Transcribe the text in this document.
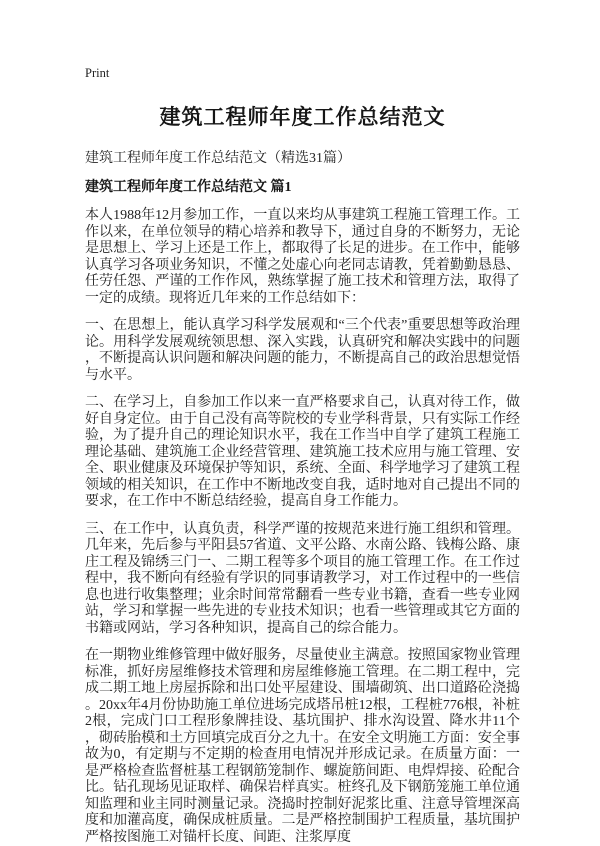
Print
建筑工程师年度工作总结范文

建筑工程师年度工作总结范文（精选31篇）

建筑工程师年度工作总结范文 篇1

本人1988年12月参加工作，一直以来均从事建筑工程施工管理工作。工作以来，在单位领导的精心培养和教导下，通过自身的不断努力，无论是思想上、学习上还是工作上，都取得了长足的进步。在工作中，能够认真学习各项业务知识，不懂之处虚心向老同志请教，凭着勤勤恳恳、任劳任怨、严谨的工作作风，熟练掌握了施工技术和管理方法，取得了一定的成绩。现将近几年来的工作总结如下：

一、在思想上，能认真学习科学发展观和“三个代表”重要思想等政治理论。用科学发展观统领思想、深入实践，认真研究和解决实践中的问题，不断提高认识问题和解决问题的能力，不断提高自己的政治思想觉悟与水平。

二、在学习上，自参加工作以来一直严格要求自己，认真对待工作，做好自身定位。由于自己没有高等院校的专业学科背景，只有实际工作经验，为了提升自己的理论知识水平，我在工作当中自学了建筑工程施工理论基础、建筑施工企业经营管理、建筑施工技术应用与施工管理、安全、职业健康及环境保护等知识，系统、全面、科学地学习了建筑工程领域的相关知识，在工作中不断地改变自我，适时地对自己提出不同的要求，在工作中不断总结经验，提高自身工作能力。

三、在工作中，认真负责，科学严谨的按规范来进行施工组织和管理。几年来，先后参与平阳县57省道、文平公路、水南公路、钱梅公路、康庄工程及锦绣三门一、二期工程等多个项目的施工管理工作。在工作过程中，我不断向有经验有学识的同事请教学习，对工作过程中的一些信息也进行收集整理；业余时间常常翻看一些专业书籍，查看一些专业网站，学习和掌握一些先进的专业技术知识；也看一些管理或其它方面的书籍或网站，学习各种知识，提高自己的综合能力。

在一期物业维修管理中做好服务，尽量使业主满意。按照国家物业管理标准，抓好房屋维修技术管理和房屋维修施工管理。在二期工程中，完成二期工地上房屋拆除和出口处平屋建设、围墙砌筑、出口道路砼浇捣。20xx年4月份协助施工单位进场完成塔吊桩12根，工程桩776根，补桩2根，完成门口工程形象牌挂设、基坑围护、排水沟设置、降水井11个，砌砖胎模和土方回填完成百分之九十。在安全文明施工方面：安全事故为0，有定期与不定期的检查用电情况并形成记录。在质量方面：一是严格检查监督桩基工程钢筋笼制作、螺旋筋间距、电焊焊接、砼配合比。钻孔现场见证取样、确保岩样真实。桩终孔及下钢筋笼施工单位通知监理和业主同时测量记录。浇捣时控制好泥浆比重、注意导管埋深高度和加灌高度，确保成桩质量。二是严格控制围护工程质量，基坑围护严格按图施工对锚杆长度、间距、注浆厚度
